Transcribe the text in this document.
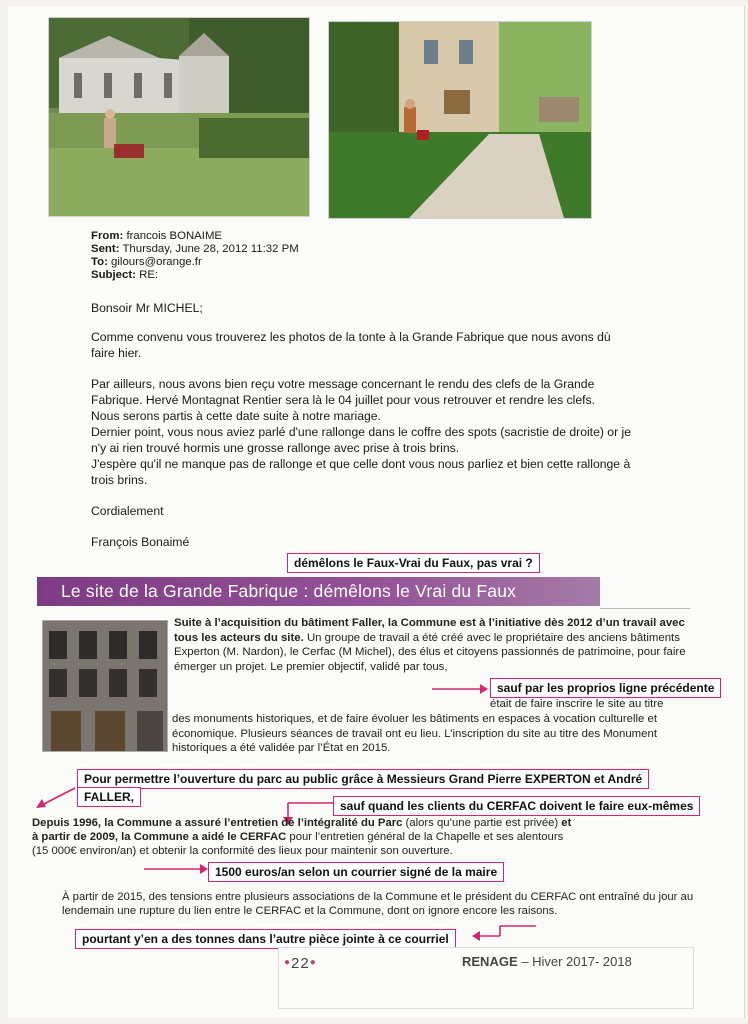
From: francois BONAIME
Sent: Thursday, June 28, 2012 11:32 PM
To: gilours@orange.fr
Subject: RE:

Bonsoir Mr MICHEL;

Comme convenu vous trouverez les photos de la tonte à la Grande Fabrique que nous avons dù faire hier.

Par ailleurs, nous avons bien reçu votre message concernant le rendu des clefs de la Grande

Fabrique. Hervé Montagnat Rentier sera là le 04 juillet pour vous retrouver et rendre les clefs.

Nous serons partis à cette date suite à notre mariage.

Dernier point, vous nous aviez parlé d'une rallonge dans le coffre des spots (sacristie de droite) or je

n'y ai rien trouvé hormis une grosse rallonge avec prise à trois brins.

J'espère qu'il ne manque pas de rallonge et que celle dont vous nous parliez et bien cette rallonge à

trois brins.

Cordialement

François Bonaimé

démêlons le Faux-Vrai du Faux, pas vrai ?
Le site de la Grande Fabrique : démêlons le Vrai du Faux
Suite à l’acquisition du bâtiment Faller, la Commune est à l’initiative dès 2012 d’un travail avec tous les acteurs du site. Un groupe de travail a été créé avec le propriétaire des anciens bâtiments Experton (M. Nardon), le Cerfac (M Michel), des élus et citoyens passionnés de patrimoine, pour faire émerger un projet. Le premier objectif, validé par tous,
sauf par les proprios ligne précédente
était de faire inscrire le site au titre
des monuments historiques, et de faire évoluer les bâtiments en espaces à vocation culturelle et économique. Plusieurs séances de travail ont eu lieu. L’inscription du site au titre des Monument historiques a été validée par l’État en 2015.
Pour permettre l’ouverture du parc au public grâce à Messieurs Grand Pierre EXPERTON et André
FALLER,
sauf quand les clients du CERFAC doivent le faire eux-mêmes
Depuis 1996, la Commune a assuré l’entretien de l’intégralité du Parc (alors qu’une partie est privée) et à partir de 2009, la Commune a aidé le CERFAC pour l’entretien général de la Chapelle et ses alentours (15 000€ environ/an) et obtenir la conformité des lieux pour maintenir son ouverture.
1500 euros/an selon un courrier signé de la maire
À partir de 2015, des tensions entre plusieurs associations de la Commune et le président du CERFAC ont entraîné du jour au lendemain une rupture du lien entre le CERFAC et la Commune, dont on ignore encore les raisons.
pourtant y’en a des tonnes dans l’autre pièce jointe à ce courriel
●22●	RENAGE – Hiver 2017- 2018
